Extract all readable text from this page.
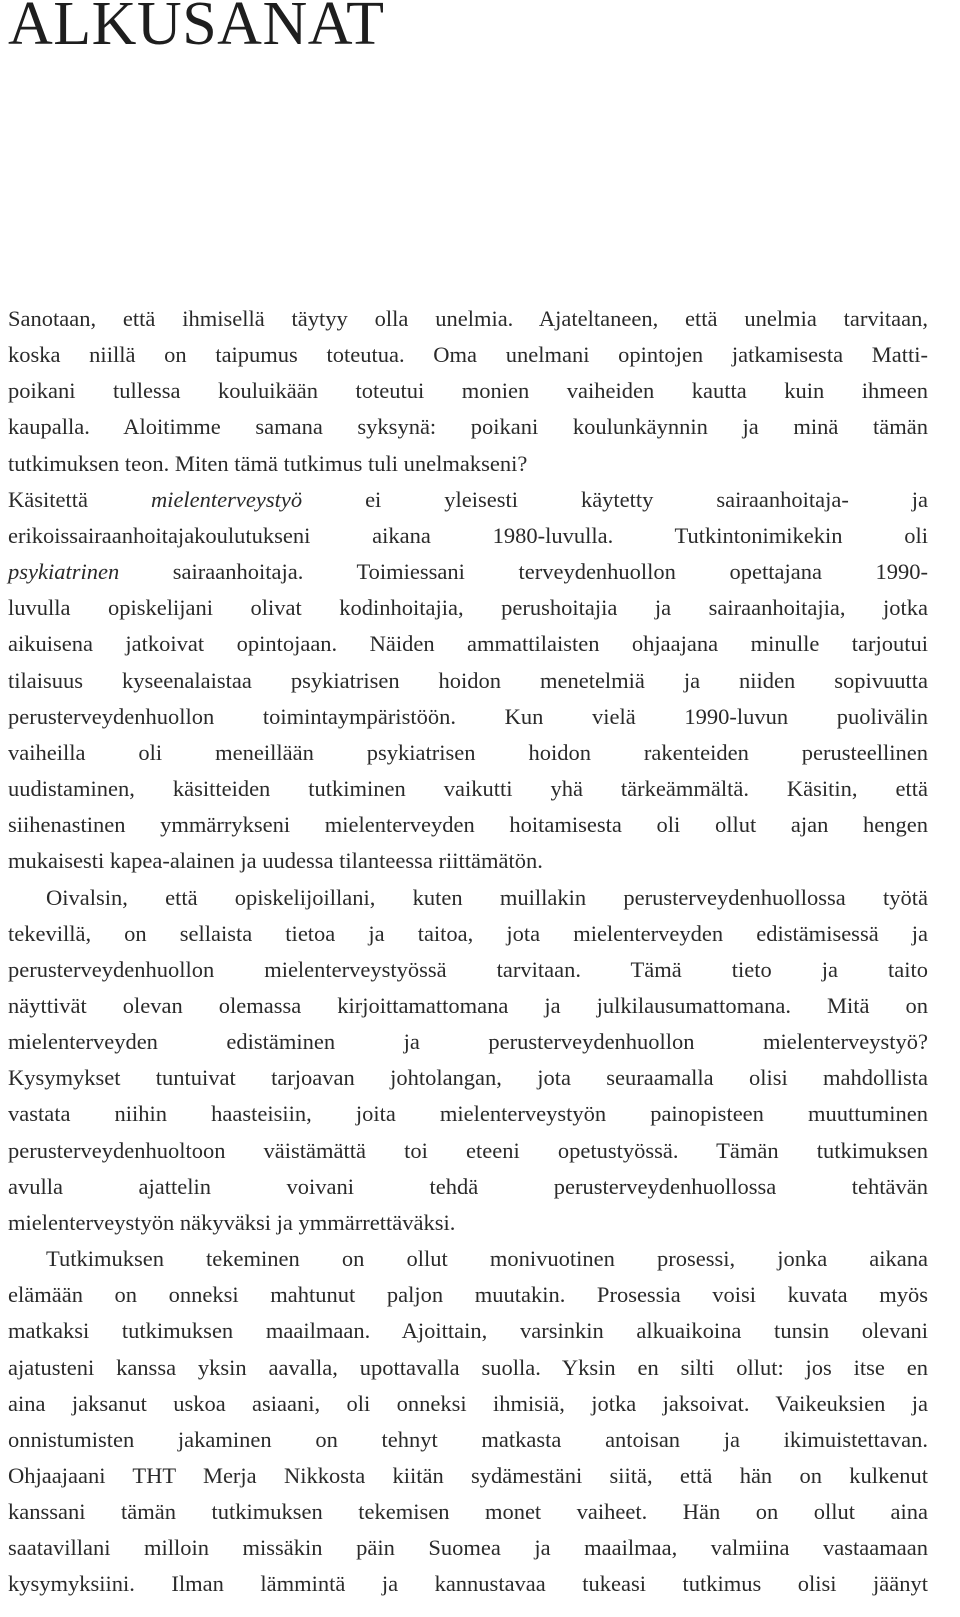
ALKUSANAT

Sanotaan, että ihmisellä täytyy olla unelmia. Ajateltaneen, että unelmia tarvitaan,

koska niillä on taipumus toteutua. Oma unelmani opintojen jatkamisesta Matti-

poikani tullessa kouluikään toteutui monien vaiheiden kautta kuin ihmeen

kaupalla. Aloitimme samana syksynä: poikani koulunkäynnin ja minä tämän

tutkimuksen teon. Miten tämä tutkimus tuli unelmakseni?

Käsitettä mielenterveystyö ei yleisesti käytetty sairaanhoitaja- ja

erikoissairaanhoitajakoulutukseni aikana 1980-luvulla. Tutkintonimikekin oli

psykiatrinen sairaanhoitaja. Toimiessani terveydenhuollon opettajana 1990-

luvulla opiskelijani olivat kodinhoitajia, perushoitajia ja sairaanhoitajia, jotka

aikuisena jatkoivat opintojaan. Näiden ammattilaisten ohjaajana minulle tarjoutui

tilaisuus kyseenalaistaa psykiatrisen hoidon menetelmiä ja niiden sopivuutta

perusterveydenhuollon toimintaympäristöön. Kun vielä 1990-luvun puolivälin

vaiheilla oli meneillään psykiatrisen hoidon rakenteiden perusteellinen

uudistaminen, käsitteiden tutkiminen vaikutti yhä tärkeämmältä. Käsitin, että

siihenastinen ymmärrykseni mielenterveyden hoitamisesta oli ollut ajan hengen

mukaisesti kapea-alainen ja uudessa tilanteessa riittämätön.

Oivalsin, että opiskelijoillani, kuten muillakin perusterveydenhuollossa työtä

tekevillä, on sellaista tietoa ja taitoa, jota mielenterveyden edistämisessä ja

perusterveydenhuollon mielenterveystyössä tarvitaan. Tämä tieto ja taito

näyttivät olevan olemassa kirjoittamattomana ja julkilausumattomana. Mitä on

mielenterveyden edistäminen ja perusterveydenhuollon mielenterveystyö?

Kysymykset tuntuivat tarjoavan johtolangan, jota seuraamalla olisi mahdollista

vastata niihin haasteisiin, joita mielenterveystyön painopisteen muuttuminen

perusterveydenhuoltoon väistämättä toi eteeni opetustyössä. Tämän tutkimuksen

avulla ajattelin voivani tehdä perusterveydenhuollossa tehtävän

mielenterveystyön näkyväksi ja ymmärrettäväksi.

Tutkimuksen tekeminen on ollut monivuotinen prosessi, jonka aikana

elämään on onneksi mahtunut paljon muutakin. Prosessia voisi kuvata myös

matkaksi tutkimuksen maailmaan. Ajoittain, varsinkin alkuaikoina tunsin olevani

ajatusteni kanssa yksin aavalla, upottavalla suolla. Yksin en silti ollut: jos itse en

aina jaksanut uskoa asiaani, oli onneksi ihmisiä, jotka jaksoivat. Vaikeuksien ja

onnistumisten jakaminen on tehnyt matkasta antoisan ja ikimuistettavan.

Ohjaajaani THT Merja Nikkosta kiitän sydämestäni siitä, että hän on kulkenut

kanssani tämän tutkimuksen tekemisen monet vaiheet. Hän on ollut aina

saatavillani milloin missäkin päin Suomea ja maailmaa, valmiina vastaamaan

kysymyksiini. Ilman lämmintä ja kannustavaa tukeasi tutkimus olisi jäänyt
